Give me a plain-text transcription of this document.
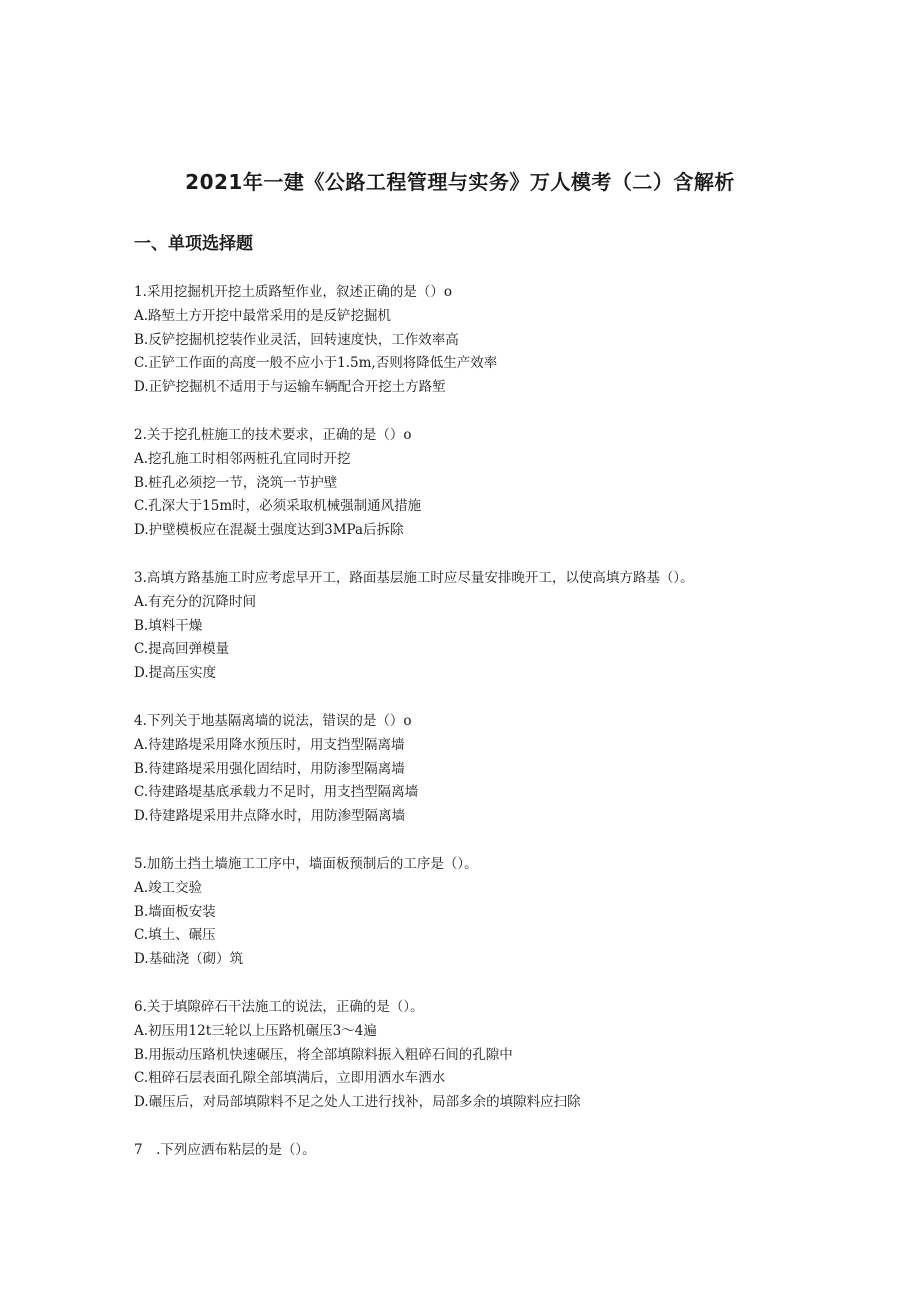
2021年一建《公路工程管理与实务》万人模考（二）含解析
一、单项选择题

1.采用挖掘机开挖土质路堑作业，叙述正确的是（）o

A.路堑土方开挖中最常采用的是反铲挖掘机

B.反铲挖掘机挖装作业灵活，回转速度快，工作效率高

C.正铲工作面的高度一般不应小于1.5m,否则将降低生产效率

D.正铲挖掘机不适用于与运输车辆配合开挖土方路堑

2.关于挖孔桩施工的技术要求，正确的是（）o

A.挖孔施工时相邻两桩孔宜同时开挖

B.桩孔必须挖一节，浇筑一节护壁

C.孔深大于15m时，必须采取机械强制通风措施

D.护壁模板应在混凝土强度达到3MPa后拆除

3.高填方路基施工时应考虑早开工，路面基层施工时应尽量安排晚开工，以使高填方路基（）。

A.有充分的沉降时间

B.填料干燥

C.提高回弹模量

D.提高压实度

4.下列关于地基隔离墙的说法，错误的是（）o

A.待建路堤采用降水预压时，用支挡型隔离墙

B.待建路堤采用强化固结时，用防渗型隔离墙

C.待建路堤基底承载力不足时，用支挡型隔离墙

D.待建路堤采用井点降水时，用防渗型隔离墙

5.加筋土挡土墙施工工序中，墙面板预制后的工序是（）。

A.竣工交验

B.墙面板安装

C.填土、碾压

D.基础浇（砌）筑

6.关于填隙碎石干法施工的说法，正确的是（）。

A.初压用12t三轮以上压路机碾压3～4遍

B.用振动压路机快速碾压，将全部填隙料振入粗碎石间的孔隙中

C.粗碎石层表面孔隙全部填满后，立即用洒水车洒水

D.碾压后，对局部填隙料不足之处人工进行找补，局部多余的填隙料应扫除

7　.下列应洒布粘层的是（）。
